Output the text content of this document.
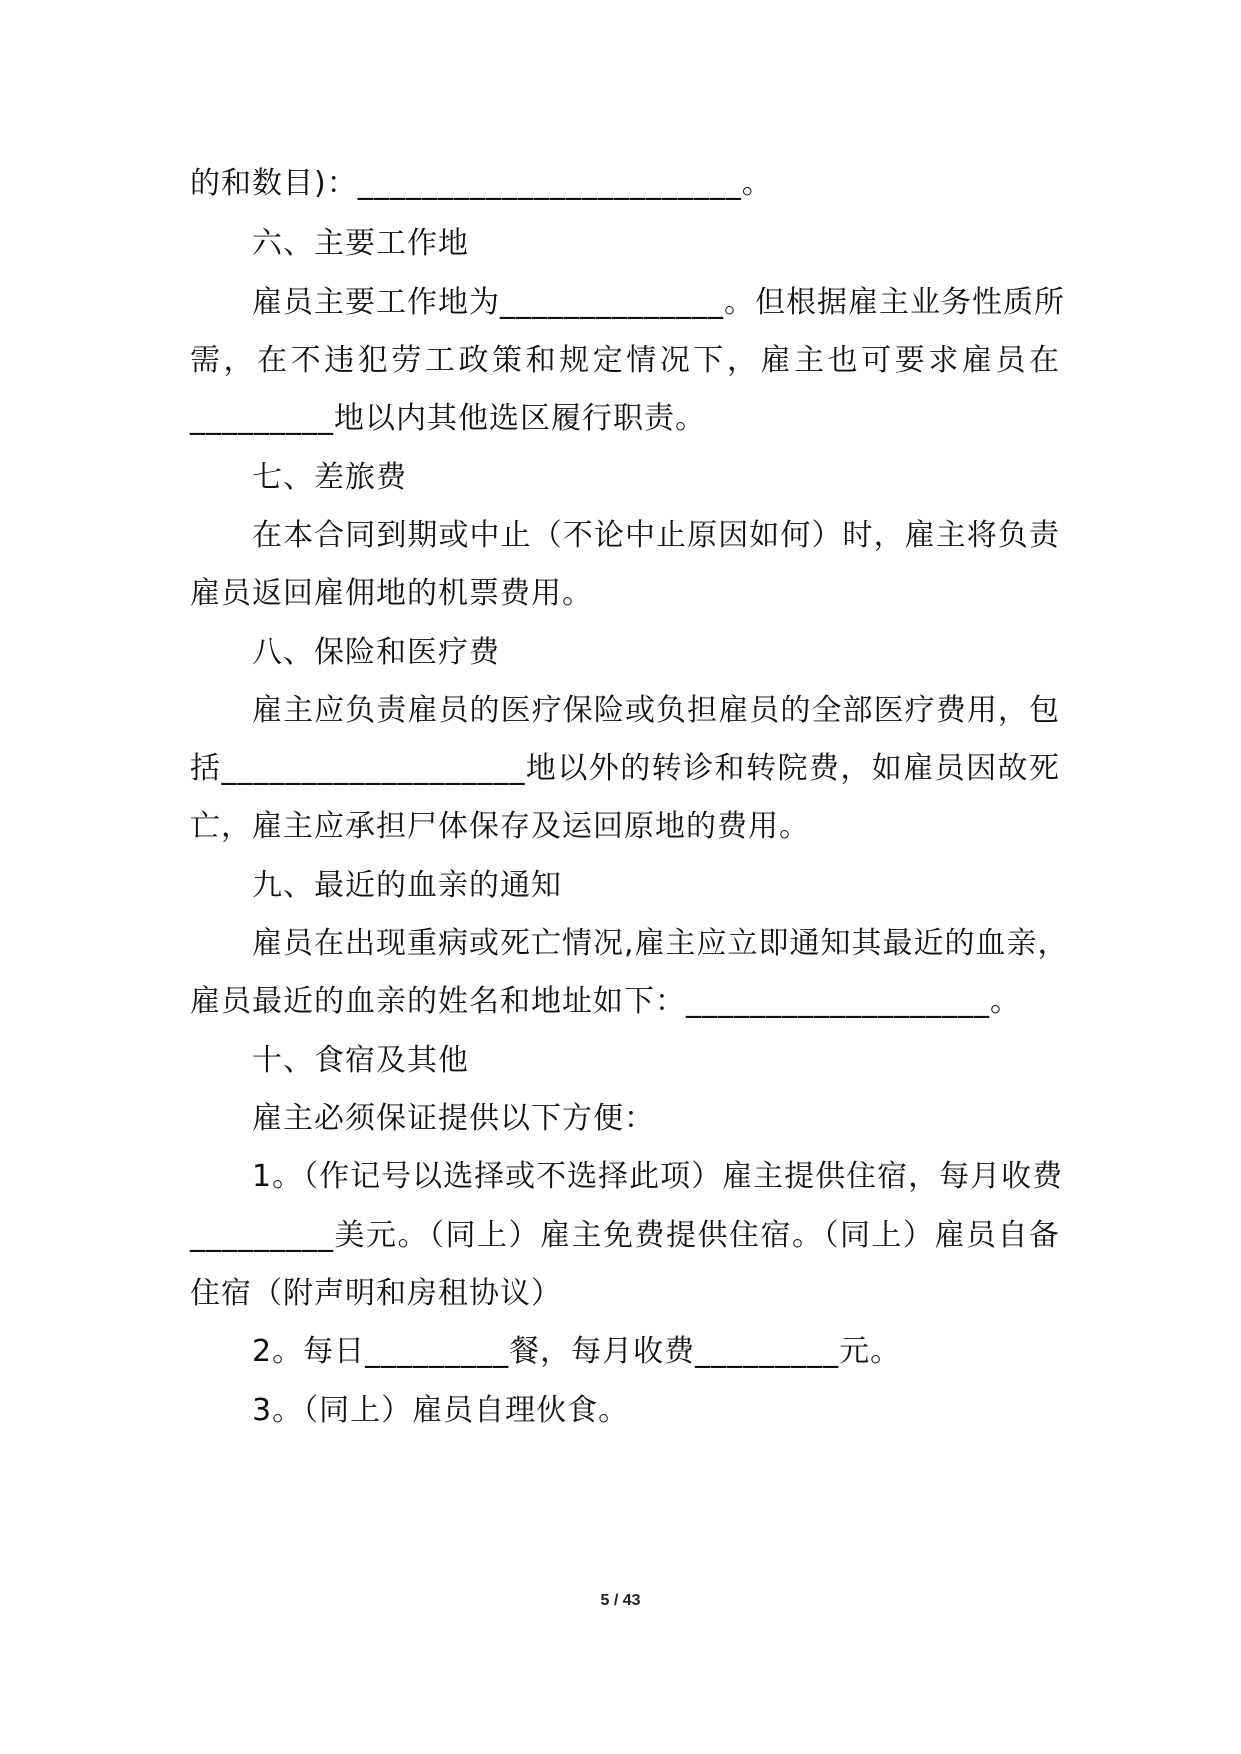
的和数目)：________________________。
六、主要工作地
雇员主要工作地为______________。但根据雇主业务性质所
需，在不违犯劳工政策和规定情况下，雇主也可要求雇员在
_________地以内其他选区履行职责。
七、差旅费
在本合同到期或中止（不论中止原因如何）时，雇主将负责
雇员返回雇佣地的机票费用。
八、保险和医疗费
雇主应负责雇员的医疗保险或负担雇员的全部医疗费用，包
括___________________地以外的转诊和转院费，如雇员因故死
亡，雇主应承担尸体保存及运回原地的费用。
九、最近的血亲的通知
雇员在出现重病或死亡情况,雇主应立即通知其最近的血亲，
雇员最近的血亲的姓名和地址如下：___________________。
十、食宿及其他
雇主必须保证提供以下方便：
1。（作记号以选择或不选择此项）雇主提供住宿，每月收费
_________美元。（同上）雇主免费提供住宿。（同上）雇员自备
住宿（附声明和房租协议）
2。每日_________餐，每月收费_________元。
3。（同上）雇员自理伙食。
5 / 43
